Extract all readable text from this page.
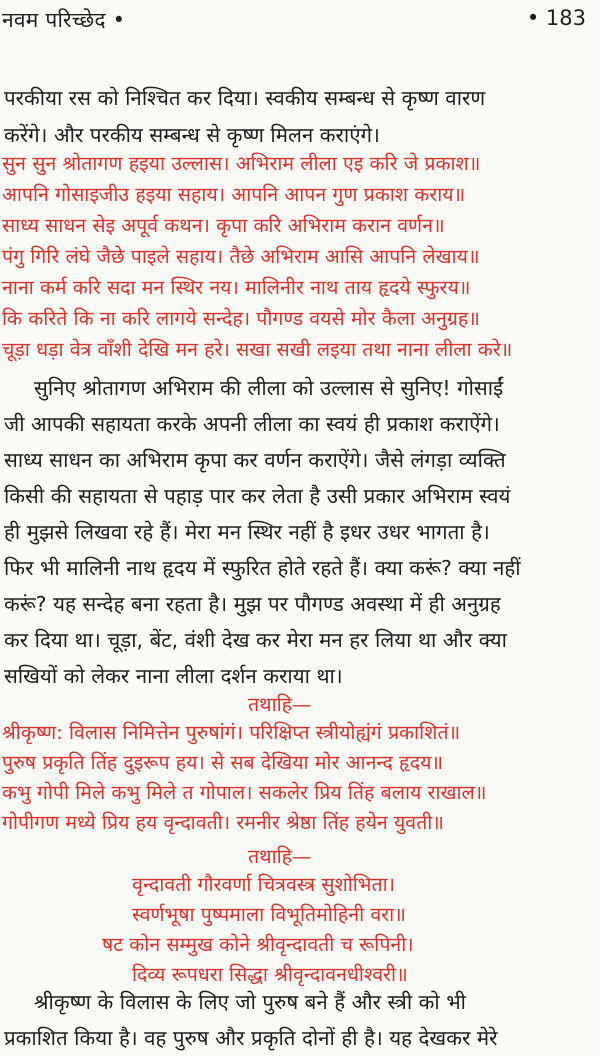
नवम परिच्छेद •	• 183
परकीया रस को निश्चित कर दिया। स्वकीय सम्बन्ध से कृष्ण वारण
करेंगे। और परकीय सम्बन्ध से कृष्ण मिलन कराएंगे।
सुन सुन श्रोतागण हइया उल्लास। अभिराम लीला एइ करि जे प्रकाश॥
आपनि गोसाइजीउ हइया सहाय। आपनि आपन गुण प्रकाश कराय॥
साध्य साधन सेइ अपूर्व कथन। कृपा करि अभिराम करान वर्णन॥
पंगु गिरि लंघे जैछे पाइले सहाय। तैछे अभिराम आसि आपनि लेखाय॥
नाना कर्म करि सदा मन स्थिर नय। मालिनीर नाथ ताय हृदये स्फुरय॥
कि करिते कि ना करि लागये सन्देह। पौगण्ड वयसे मोर कैला अनुग्रह॥
चूड़ा धड़ा वेत्र वाँशी देखि मन हरे। सखा सखी लइया तथा नाना लीला करे॥
सुनिए श्रोतागण अभिराम की लीला को उल्लास से सुनिए! गोसाईं
जी आपकी सहायता करके अपनी लीला का स्वयं ही प्रकाश कराऐंगे।
साध्य साधन का अभिराम कृपा कर वर्णन कराऐंगे। जैसे लंगड़ा व्यक्ति
किसी की सहायता से पहाड़ पार कर लेता है उसी प्रकार अभिराम स्वयं
ही मुझसे लिखवा रहे हैं। मेरा मन स्थिर नहीं है इधर उधर भागता है।
फिर भी मालिनी नाथ हृदय में स्फुरित होते रहते हैं। क्या करूं? क्या नहीं
करूं? यह सन्देह बना रहता है। मुझ पर पौगण्ड अवस्था में ही अनुग्रह
कर दिया था। चूड़ा, बेंट, वंशी देख कर मेरा मन हर लिया था और क्या
सखियों को लेकर नाना लीला दर्शन कराया था।
तथाहि—
श्रीकृष्ण: विलास निमित्तेन पुरुषांगं। परिक्षिप्त स्त्रीयोह्यंगं प्रकाशितं॥
पुरुष प्रकृति तिंह दुइरूप हय। से सब देखिया मोर आनन्द हृदय॥
कभु गोपी मिले कभु मिले त गोपाल। सकलेर प्रिय तिंह बलाय राखाल॥
गोपीगण मध्ये प्रिय हय वृन्दावती। रमनीर श्रेष्ठा तिंह हयेन युवती॥
तथाहि—
वृन्दावती गौरवर्णा चित्रवस्त्र सुशोभिता।
स्वर्णभूषा पुष्पमाला विभूतिमोहिनी वरा॥
षट कोन सम्मुख कोने श्रीवृन्दावती च रूपिनी।
दिव्य रूपधरा सिद्धा श्रीवृन्दावनधीश्वरी॥
श्रीकृष्ण के विलास के लिए जो पुरुष बने हैं और स्त्री को भी
प्रकाशित किया है। वह पुरुष और प्रकृति दोनों ही है। यह देखकर मेरे
